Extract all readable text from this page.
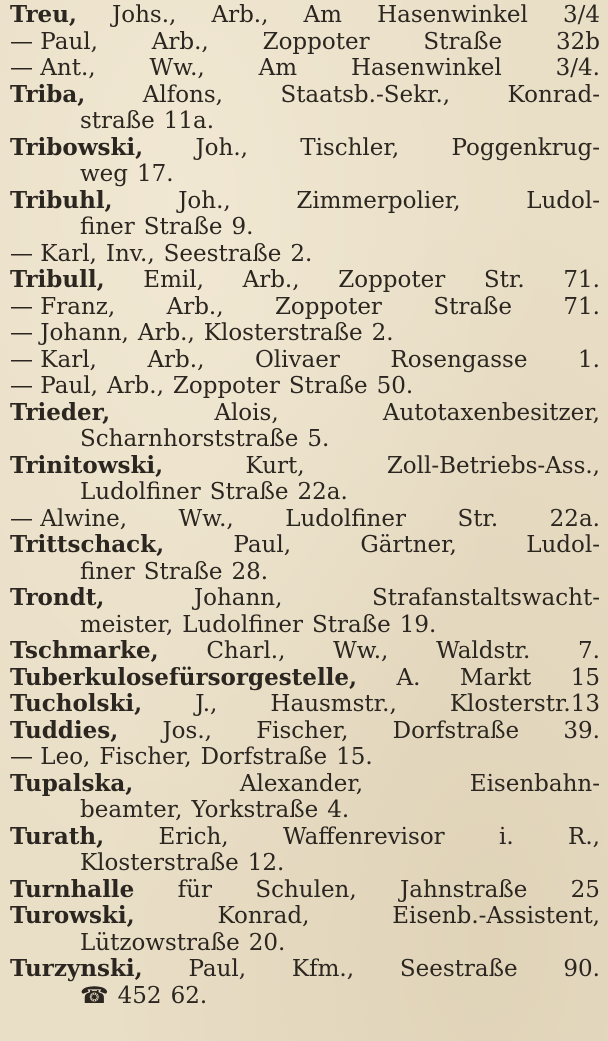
Treu, Johs., Arb., Am Hasenwinkel 3/4
— Paul, Arb., Zoppoter Straße 32b
— Ant., Ww., Am Hasenwinkel 3/4.
Triba, Alfons, Staatsb.-Sekr., Konrad-
straße 11a.
Tribowski, Joh., Tischler, Poggenkrug-
weg 17.
Tribuhl,	Joh.,	Zimmerpolier,	Ludol-
finer Straße 9.
— Karl, Inv., Seestraße 2.
Tribull, Emil, Arb., Zoppoter Str. 71.
— Franz, Arb., Zoppoter Straße 71.
— Johann, Arb., Klosterstraße 2.
— Karl, Arb., Olivaer Rosengasse 1.
— Paul, Arb., Zoppoter Straße 50.
Trieder,	Alois,	Autotaxenbesitzer,
Scharnhorststraße 5.
Trinitowski,	Kurt,	Zoll-Betriebs-Ass.,
Ludolfiner Straße 22a.
— Alwine, Ww., Ludolfiner Str. 22a.
Trittschack,	Paul,	Gärtner,	Ludol-
finer Straße 28.
Trondt,	Johann,	Strafanstaltswacht-
meister, Ludolfiner Straße 19.
Tschmarke, Charl., Ww., Waldstr. 7.
Tuberkulosefürsorgestelle, A. Markt 15
Tucholski, J., Hausmstr., Klosterstr.13
Tuddies, Jos., Fischer, Dorfstraße 39.
— Leo, Fischer, Dorfstraße 15.
Tupalska,	Alexander,	Eisenbahn-
beamter, Yorkstraße 4.
Turath, Erich, Waffenrevisor i. R.,
Klosterstraße 12.
Turnhalle für Schulen, Jahnstraße 25
Turowski,	Konrad,	Eisenb.-Assistent,
Lützowstraße 20.
Turzynski, Paul, Kfm., Seestraße 90.
☎ 452 62.
